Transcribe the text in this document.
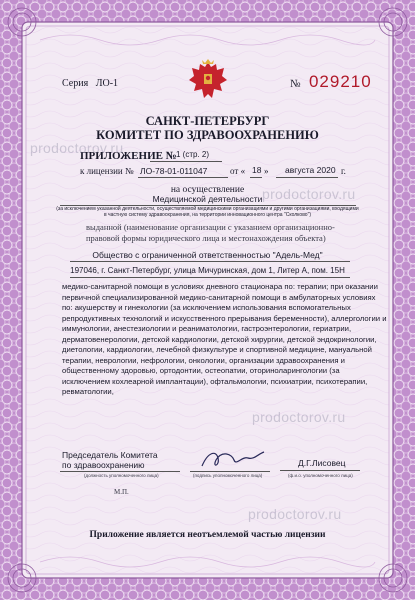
Серия ЛО-1	№ 029210

САНКТ-ПЕТЕРБУРГ

КОМИТЕТ ПО ЗДРАВООХРАНЕНИЮ

ПРИЛОЖЕНИЕ № 1 (стр. 2)

к лицензии № ЛО-78-01-011047	от « 18 » августа 2020 г.

на осуществление

Медицинской деятельности

(за исключением указанной деятельности, осуществляемой медицинскими организациями и другими организациями, входящими

в частную систему здравоохранения, на территории инновационного центра "Сколково")

выданной (наименование организации с указанием организационно-

правовой формы юридического лица и местонахождения объекта)

Общество с ограниченной ответственностью "Адель-Мед"

197046, г. Санкт-Петербург, улица Мичуринская, дом 1, Литер А, пом. 15Н

медико-санитарной помощи в условиях дневного стационара по: терапии; при оказании
первичной специализированной медико-санитарной помощи в амбулаторных условиях
по: акушерству и гинекологии (за исключением использования вспомогательных
репродуктивных технологий и искусственного прерывания беременности), аллергологии и
иммунологии, анестезиологии и реаниматологии, гастроэнтерологии, гериатрии,
дерматовенерологии, детской кардиологии, детской хирургии, детской эндокринологии,
диетологии, кардиологии, лечебной физкультуре и спортивной медицине, мануальной
терапии, неврологии, нефрологии, онкологии, организации здравоохранения и
общественному здоровью, ортодонтии, остеопатии, оториноларингологии (за
исключением кохлеарной имплантации), офтальмологии, психиатрии, психотерапии,
ревматологии,

Председатель Комитета

по здравоохранению

(должность уполномоченного лица)	(подпись уполномоченного лица)

Д.Г.Лисовец

(ф.и.о. уполномоченного лица)

М.П.

Приложение является неотъемлемой частью лицензии

prodoctorov.ru
prodoctorov.ru
prodoctorov.ru
prodoctorov.ru
